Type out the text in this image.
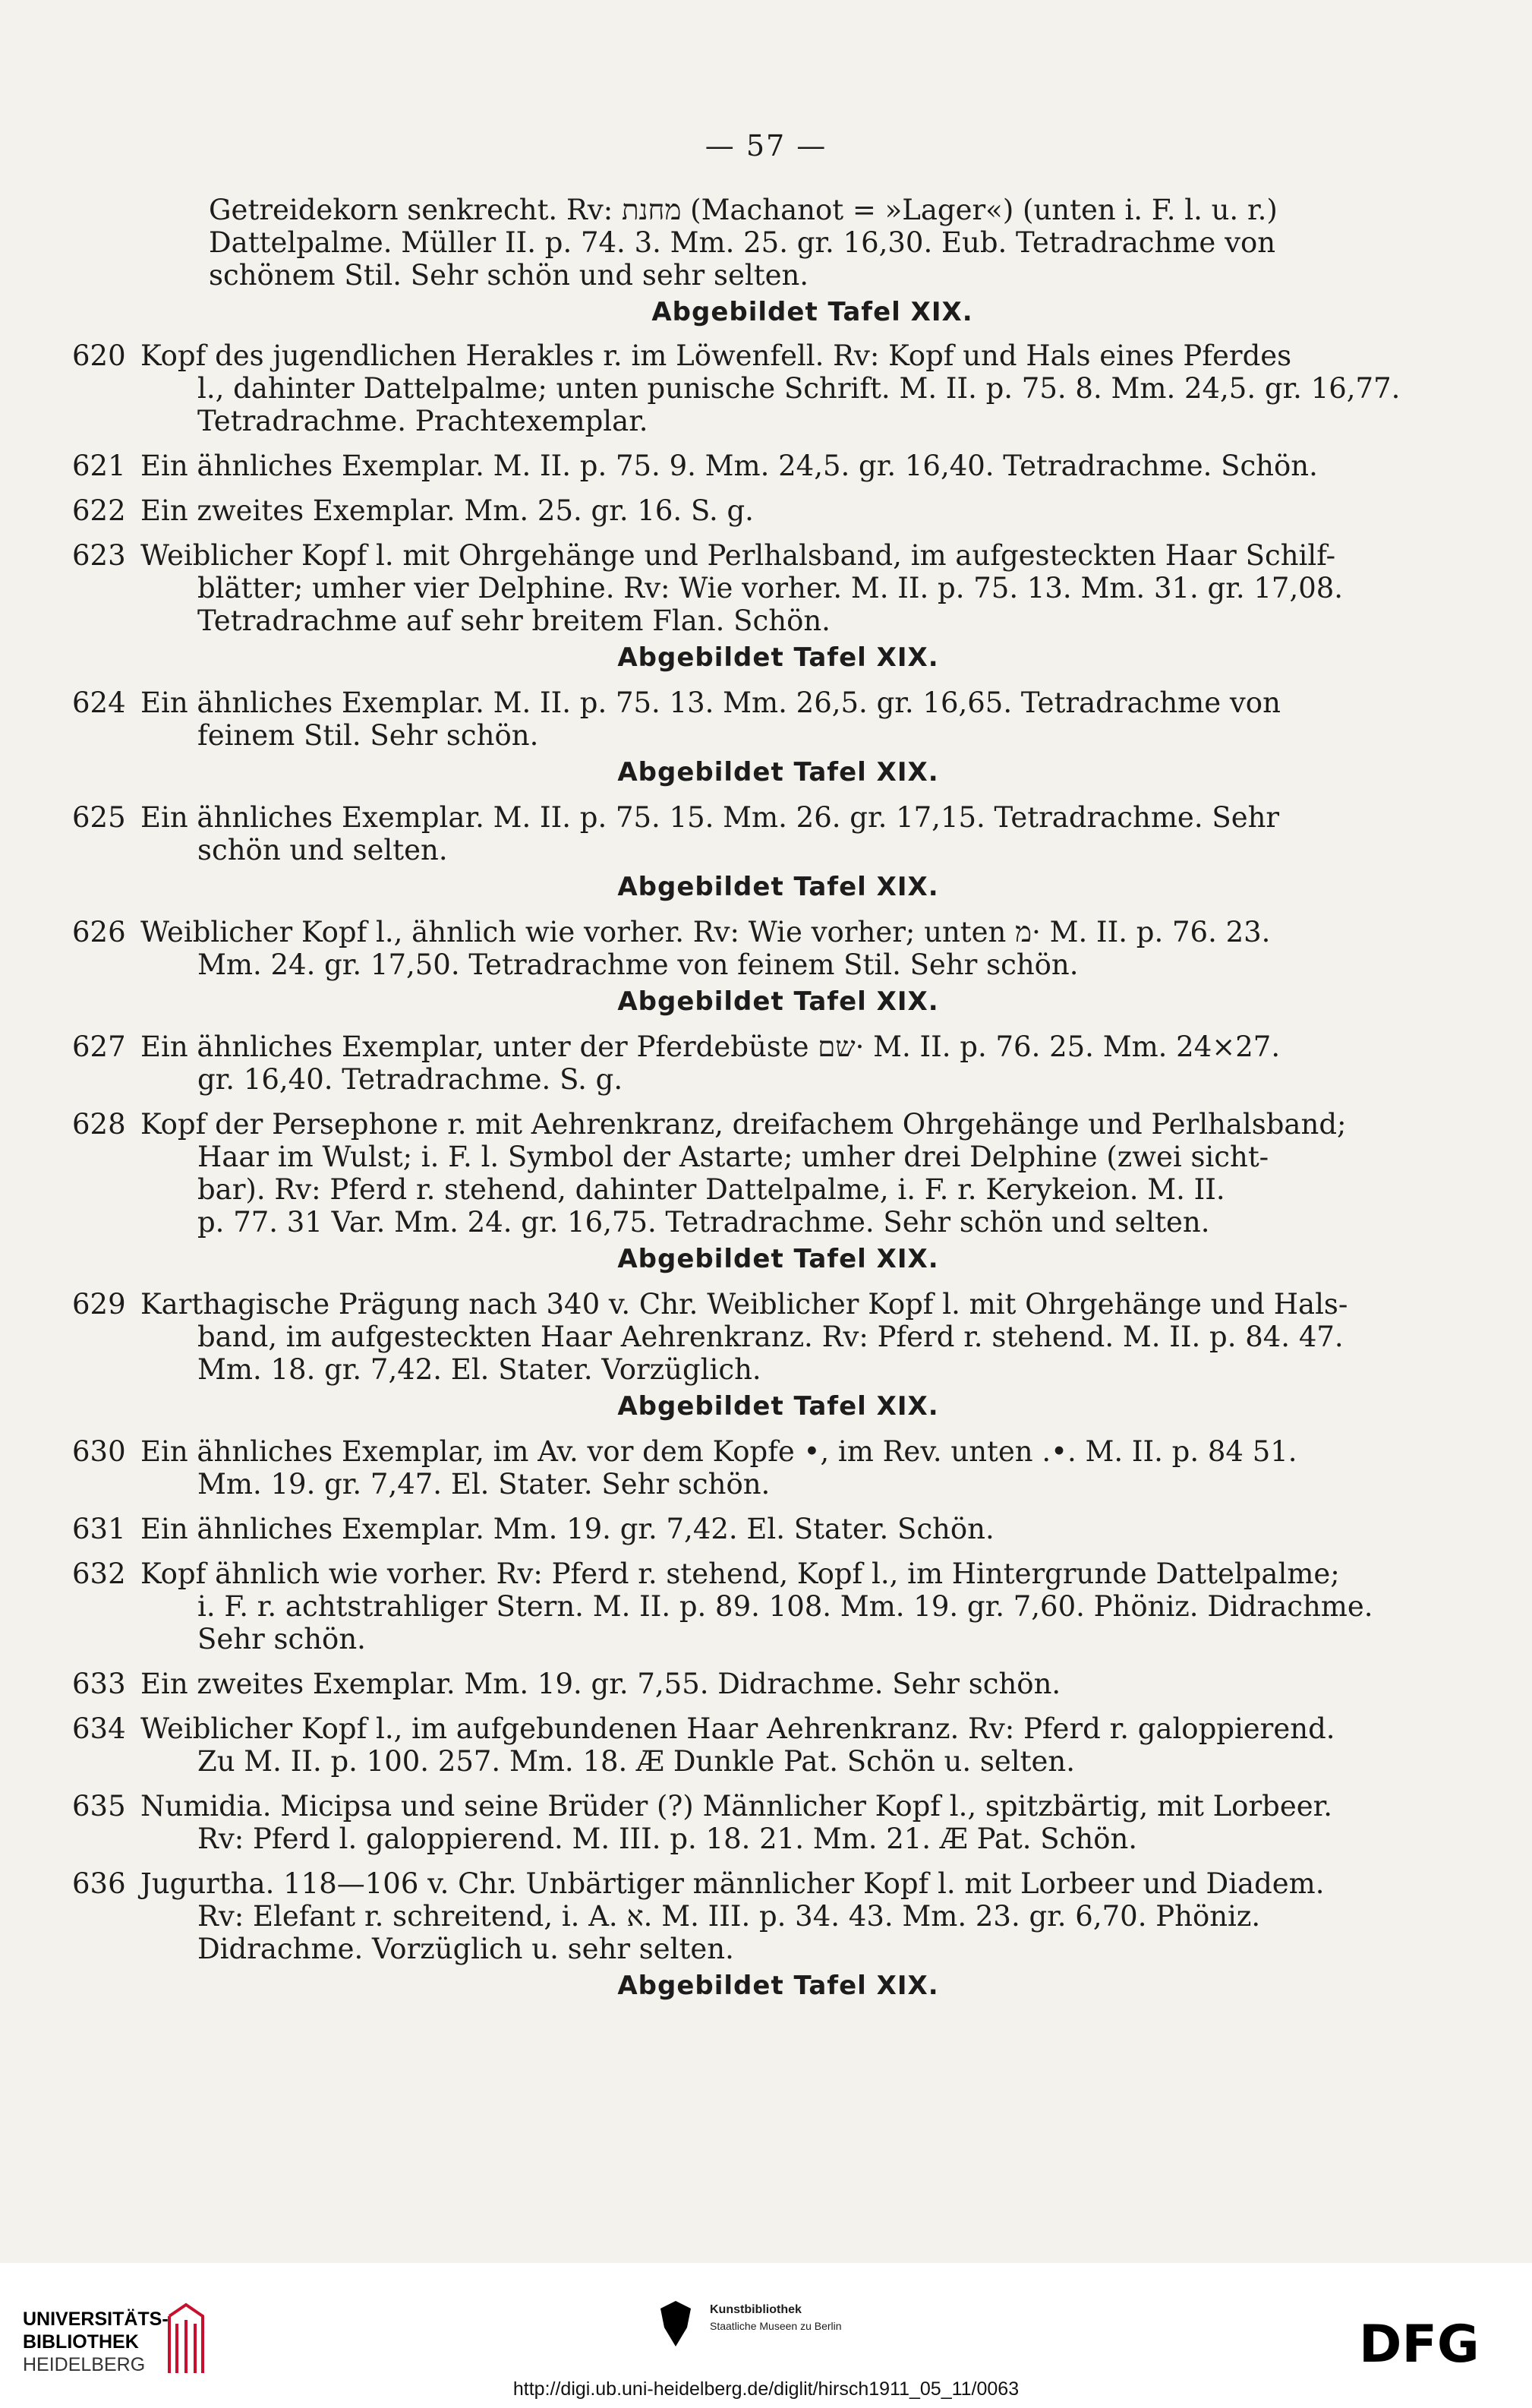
— 57 —
Getreidekorn senkrecht. Rv: מחנת (Machanot = »Lager«) (unten i. F. l. u. r.)
Dattelpalme. Müller II. p. 74. 3. Mm. 25. gr. 16,30. Eub. Tetradrachme von
schönem Stil. Sehr schön und sehr selten.
Abgebildet Tafel XIX.
620 Kopf des jugendlichen Herakles r. im Löwenfell. Rv: Kopf und Hals eines Pferdes
l., dahinter Dattelpalme; unten punische Schrift. M. II. p. 75. 8. Mm. 24,5. gr. 16,77.
Tetradrachme. Prachtexemplar.
621 Ein ähnliches Exemplar. M. II. p. 75. 9. Mm. 24,5. gr. 16,40. Tetradrachme. Schön.
622 Ein zweites Exemplar. Mm. 25. gr. 16. S. g.
623 Weiblicher Kopf l. mit Ohrgehänge und Perlhalsband, im aufgesteckten Haar Schilf-
blätter; umher vier Delphine. Rv: Wie vorher. M. II. p. 75. 13. Mm. 31. gr. 17,08.
Tetradrachme auf sehr breitem Flan. Schön.
Abgebildet Tafel XIX.
624 Ein ähnliches Exemplar. M. II. p. 75. 13. Mm. 26,5. gr. 16,65. Tetradrachme von
feinem Stil. Sehr schön.
Abgebildet Tafel XIX.
625 Ein ähnliches Exemplar. M. II. p. 75. 15. Mm. 26. gr. 17,15. Tetradrachme. Sehr
schön und selten.
Abgebildet Tafel XIX.
626 Weiblicher Kopf l., ähnlich wie vorher. Rv: Wie vorher; unten מ· M. II. p. 76. 23.
Mm. 24. gr. 17,50. Tetradrachme von feinem Stil. Sehr schön.
Abgebildet Tafel XIX.
627 Ein ähnliches Exemplar, unter der Pferdebüste שם· M. II. p. 76. 25. Mm. 24×27.
gr. 16,40. Tetradrachme. S. g.
628 Kopf der Persephone r. mit Aehrenkranz, dreifachem Ohrgehänge und Perlhalsband;
Haar im Wulst; i. F. l. Symbol der Astarte; umher drei Delphine (zwei sicht-
bar). Rv: Pferd r. stehend, dahinter Dattelpalme, i. F. r. Kerykeion. M. II.
p. 77. 31 Var. Mm. 24. gr. 16,75. Tetradrachme. Sehr schön und selten.
Abgebildet Tafel XIX.
629 Karthagische Prägung nach 340 v. Chr. Weiblicher Kopf l. mit Ohrgehänge und Hals-
band, im aufgesteckten Haar Aehrenkranz. Rv: Pferd r. stehend. M. II. p. 84. 47.
Mm. 18. gr. 7,42. El. Stater. Vorzüglich.
Abgebildet Tafel XIX.
630 Ein ähnliches Exemplar, im Av. vor dem Kopfe •, im Rev. unten .•. M. II. p. 84 51.
Mm. 19. gr. 7,47. El. Stater. Sehr schön.
631 Ein ähnliches Exemplar. Mm. 19. gr. 7,42. El. Stater. Schön.
632 Kopf ähnlich wie vorher. Rv: Pferd r. stehend, Kopf l., im Hintergrunde Dattelpalme;
i. F. r. achtstrahliger Stern. M. II. p. 89. 108. Mm. 19. gr. 7,60. Phöniz. Didrachme.
Sehr schön.
633 Ein zweites Exemplar. Mm. 19. gr. 7,55. Didrachme. Sehr schön.
634 Weiblicher Kopf l., im aufgebundenen Haar Aehrenkranz. Rv: Pferd r. galoppierend.
Zu M. II. p. 100. 257. Mm. 18. Æ Dunkle Pat. Schön u. selten.
635 Numidia. Micipsa und seine Brüder (?) Männlicher Kopf l., spitzbärtig, mit Lorbeer.
Rv: Pferd l. galoppierend. M. III. p. 18. 21. Mm. 21. Æ Pat. Schön.
636 Jugurtha. 118—106 v. Chr. Unbärtiger männlicher Kopf l. mit Lorbeer und Diadem.
Rv: Elefant r. schreitend, i. A. א. M. III. p. 34. 43. Mm. 23. gr. 6,70. Phöniz.
Didrachme. Vorzüglich u. sehr selten.
Abgebildet Tafel XIX.
UNIVERSITÄTS-
BIBLIOTHEK
HEIDELBERG
Kunstbibliothek
Staatliche Museen zu Berlin	DFG
http://digi.ub.uni-heidelberg.de/diglit/hirsch1911_05_11/0063
